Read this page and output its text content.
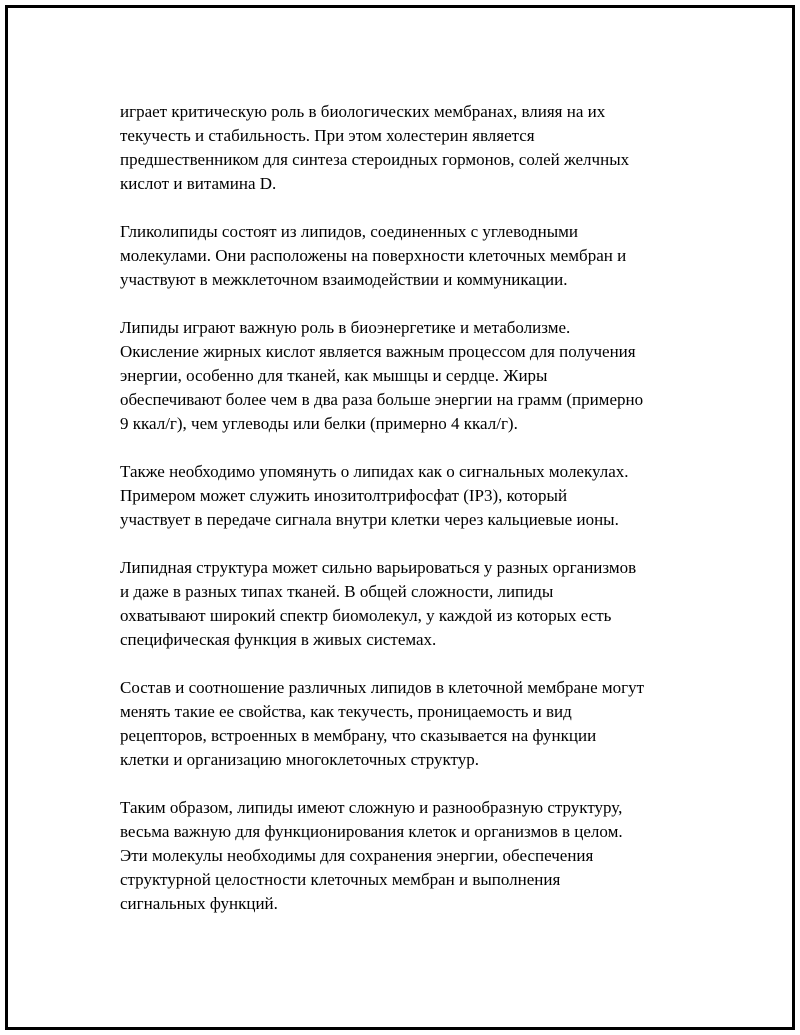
играет критическую роль в биологических мембранах, влияя на их
текучесть и стабильность. При этом холестерин является
предшественником для синтеза стероидных гормонов, солей желчных
кислот и витамина D.
Гликолипиды состоят из липидов, соединенных с углеводными
молекулами. Они расположены на поверхности клеточных мембран и
участвуют в межклеточном взаимодействии и коммуникации.
Липиды играют важную роль в биоэнергетике и метаболизме.
Окисление жирных кислот является важным процессом для получения
энергии, особенно для тканей, как мышцы и сердце. Жиры
обеспечивают более чем в два раза больше энергии на грамм (примерно
9 ккал/г), чем углеводы или белки (примерно 4 ккал/г).
Также необходимо упомянуть о липидах как о сигнальных молекулах.
Примером может служить инозитолтрифосфат (IP3), который
участвует в передаче сигнала внутри клетки через кальциевые ионы.
Липидная структура может сильно варьироваться у разных организмов
и даже в разных типах тканей. В общей сложности, липиды
охватывают широкий спектр биомолекул, у каждой из которых есть
специфическая функция в живых системах.
Состав и соотношение различных липидов в клеточной мембране могут
менять такие ее свойства, как текучесть, проницаемость и вид
рецепторов, встроенных в мембрану, что сказывается на функции
клетки и организацию многоклеточных структур.
Таким образом, липиды имеют сложную и разнообразную структуру,
весьма важную для функционирования клеток и организмов в целом.
Эти молекулы необходимы для сохранения энергии, обеспечения
структурной целостности клеточных мембран и выполнения
сигнальных функций.
